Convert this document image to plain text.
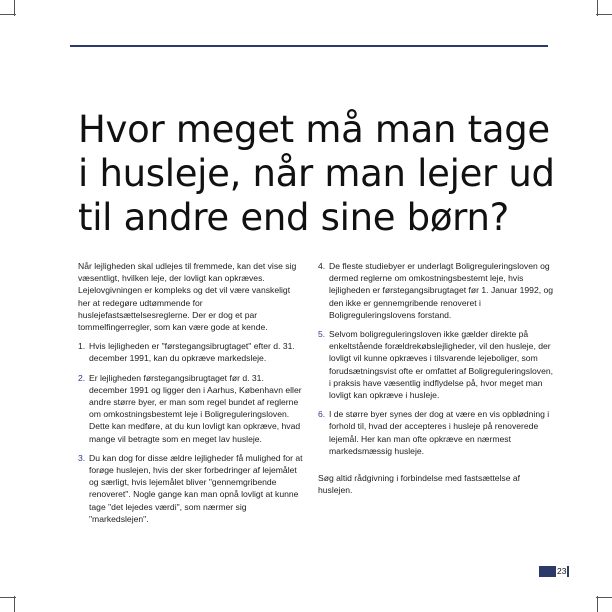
Hvor meget må man tage i husleje, når man lejer ud til andre end sine børn?

Når lejligheden skal udlejes til fremmede, kan det vise sig væsentligt, hvilken leje, der lovligt kan opkræves. Lejelovgivningen er kompleks og det vil være vanskeligt her at redegøre udtømmende for huslejefastsættelsesreglerne. Der er dog et par tommelfingerregler, som kan være gode at kende.

1. Hvis lejligheden er "førstegangsibrugtaget" efter d. 31. december 1991, kan du opkræve markedsleje.
2. Er lejligheden førstegangsibrugtaget før d. 31. december 1991 og ligger den i Aarhus, København eller andre større byer, er man som regel bundet af reglerne om omkostningsbestemt leje i Boligreguleringsloven. Dette kan medføre, at du kun lovligt kan opkræve, hvad mange vil betragte som en meget lav husleje.
3. Du kan dog for disse ældre lejligheder få mulighed for at forøge huslejen, hvis der sker forbedringer af lejemålet og særligt, hvis lejemålet bliver "gennemgribende renoveret". Nogle gange kan man opnå lovligt at kunne tage "det lejedes værdi", som nærmer sig "markedslejen".
4. De fleste studiebyer er underlagt Boligreguleringsloven og dermed reglerne om omkostningsbestemt leje, hvis lejligheden er førstegangsibrugtaget før 1. Januar 1992, og den ikke er gennemgribende renoveret i Boligreguleringslovens forstand.
5. Selvom boligreguleringsloven ikke gælder direkte på enkeltstående forældrekøbslejligheder, vil den husleje, der lovligt vil kunne opkræves i tilsvarende lejeboliger, som forudsætningsvist ofte er omfattet af Boligreguleringsloven, i praksis have væsentlig indflydelse på, hvor meget man lovligt kan opkræve i husleje.
6. I de større byer synes der dog at være en vis opblødning i forhold til, hvad der accepteres i husleje på renoverede lejemål. Her kan man ofte opkræve en nærmest markedsmæssig husleje.

Søg altid rådgivning i forbindelse med fastsættelse af huslejen.

23
